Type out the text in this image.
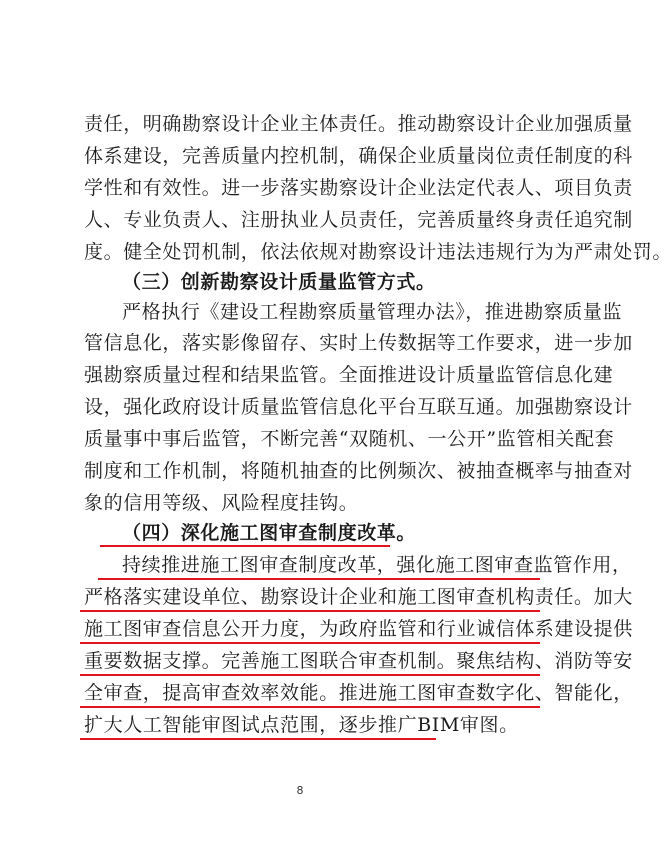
责任，明确勘察设计企业主体责任。推动勘察设计企业加强质量
体系建设，完善质量内控机制，确保企业质量岗位责任制度的科
学性和有效性。进一步落实勘察设计企业法定代表人、项目负责
人、专业负责人、注册执业人员责任，完善质量终身责任追究制
度。健全处罚机制，依法依规对勘察设计违法违规行为为严肃处罚。
（三）创新勘察设计质量监管方式。
严格执行《建设工程勘察质量管理办法》，推进勘察质量监
管信息化，落实影像留存、实时上传数据等工作要求，进一步加
强勘察质量过程和结果监管。全面推进设计质量监管信息化建
设，强化政府设计质量监管信息化平台互联互通。加强勘察设计
质量事中事后监管，不断完善“双随机、一公开”监管相关配套
制度和工作机制，将随机抽查的比例频次、被抽查概率与抽查对
象的信用等级、风险程度挂钩。
（四）深化施工图审查制度改革。
持续推进施工图审查制度改革，强化施工图审查监管作用，
严格落实建设单位、勘察设计企业和施工图审查机构责任。加大
施工图审查信息公开力度，为政府监管和行业诚信体系建设提供
重要数据支撑。完善施工图联合审查机制。聚焦结构、消防等安
全审查，提高审查效率效能。推进施工图审查数字化、智能化，
扩大人工智能审图试点范围，逐步推广BIM审图。
8
